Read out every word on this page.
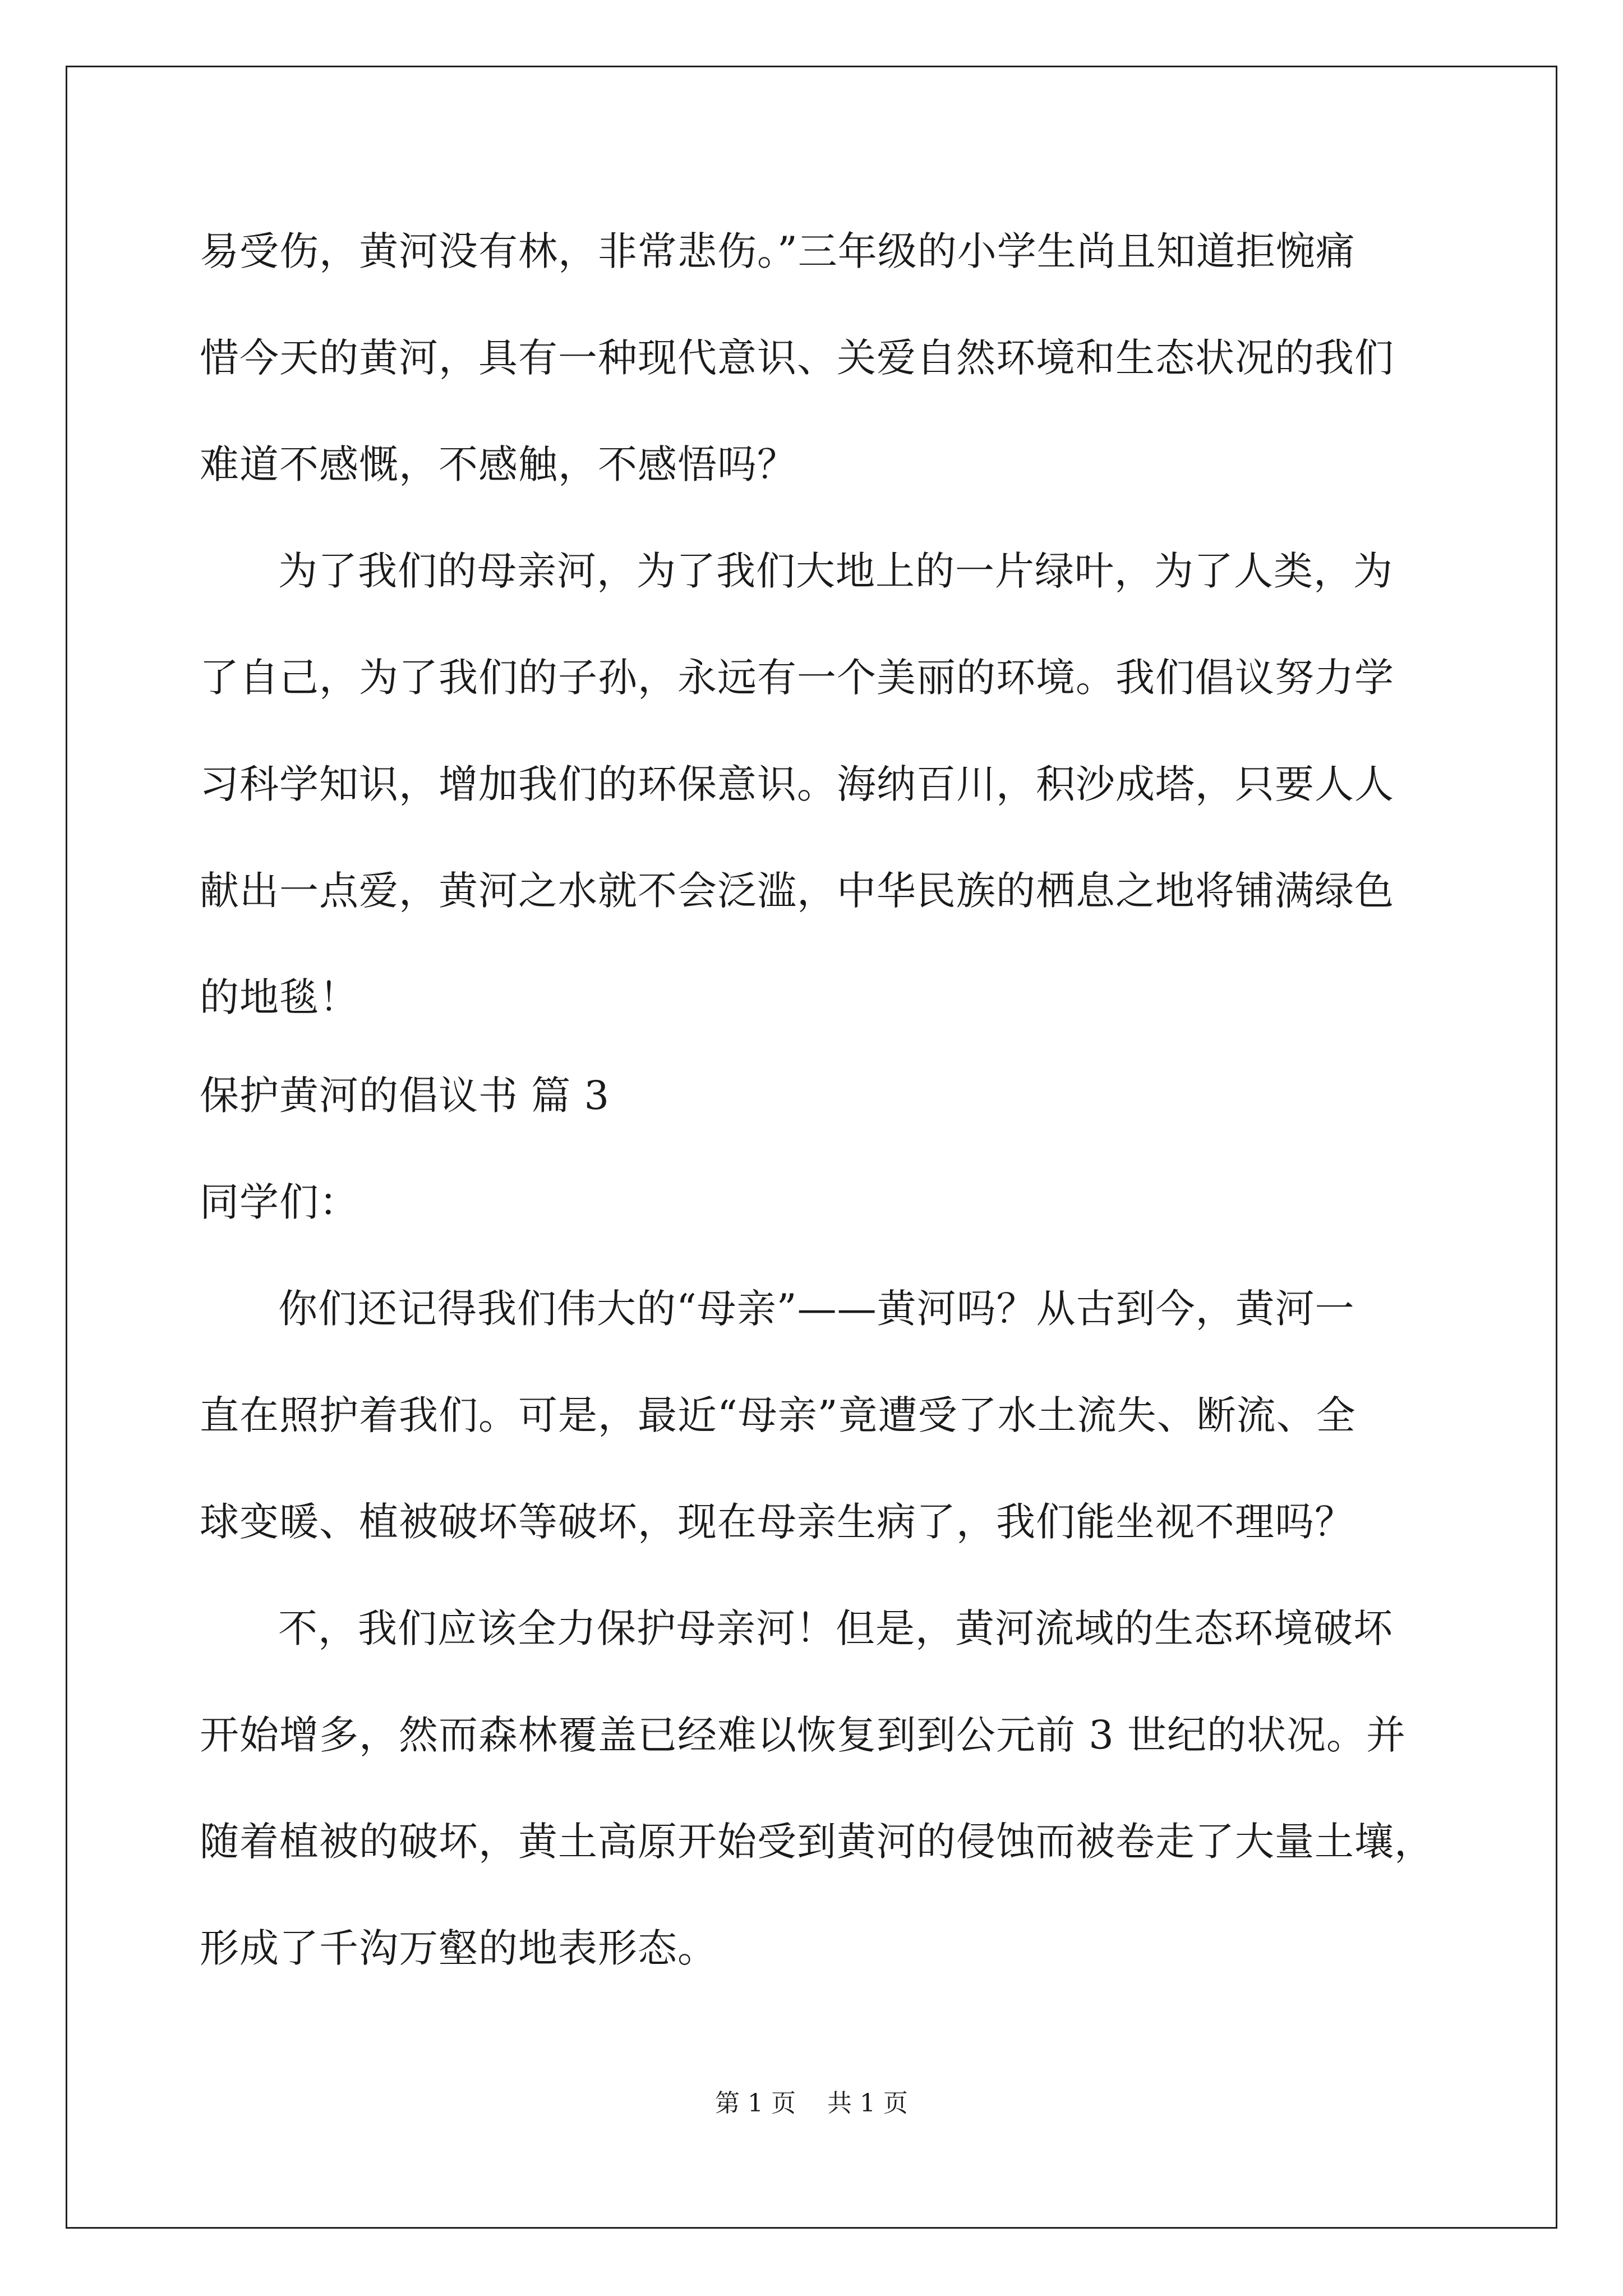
易受伤，黄河没有林，非常悲伤。”三年级的小学生尚且知道拒惋痛
惜今天的黄河，具有一种现代意识、关爱自然环境和生态状况的我们
难道不感慨，不感触，不感悟吗？
为了我们的母亲河，为了我们大地上的一片绿叶，为了人类，为
了自己，为了我们的子孙，永远有一个美丽的环境。我们倡议努力学
习科学知识，增加我们的环保意识。海纳百川，积沙成塔，只要人人
献出一点爱，黄河之水就不会泛滥，中华民族的栖息之地将铺满绿色
的地毯！
保护黄河的倡议书 篇 3
同学们：
你们还记得我们伟大的“母亲”——黄河吗？从古到今，黄河一
直在照护着我们。可是，最近“母亲”竟遭受了水土流失、断流、全
球变暖、植被破坏等破坏，现在母亲生病了，我们能坐视不理吗？
不，我们应该全力保护母亲河！但是，黄河流域的生态环境破坏
开始增多，然而森林覆盖已经难以恢复到到公元前 3 世纪的状况。并
随着植被的破坏，黄土高原开始受到黄河的侵蚀而被卷走了大量土壤，
形成了千沟万壑的地表形态。
第 1 页    共 1 页
